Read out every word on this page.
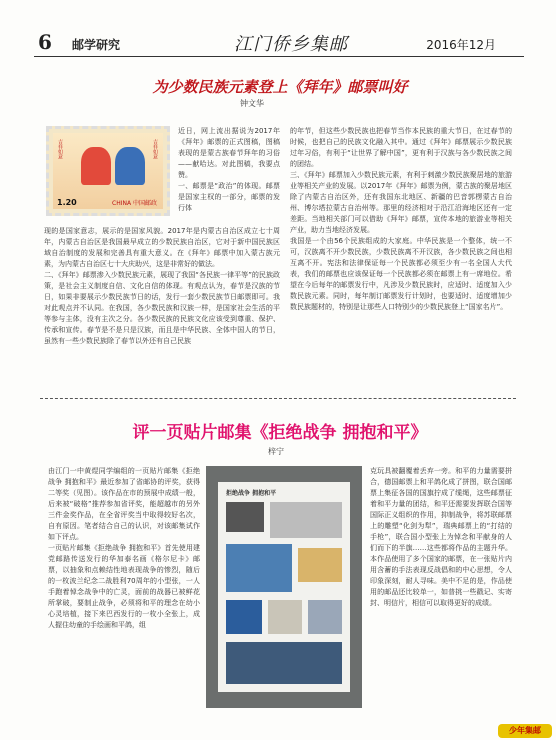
6 邮学研究	江门侨乡集邮	2016年12月
为少数民族元素登上《拜年》邮票叫好
钟文华
吉祥如意	吉祥如意
1.20	CHINA 中国邮政
近日，网上流出据说为2017年《拜年》邮票的正式图稿，图稿表现的是蒙古族春节拜年的习俗——献哈达。对此图稿，我要点赞。
一、邮票是“政治”的体现。邮票是国家主权的一部分，邮票的发行体
现的是国家意志，展示的是国家风貌。2017年是内蒙古自治区成立七十周年，内蒙古自治区是我国最早成立的少数民族自治区，它对于新中国民族区域自治制度的发展和完善具有重大意义。在《拜年》邮票中加入蒙古族元素，为内蒙古自治区七十大庆助兴，这是非常好的做法。
二、《拜年》邮票渗入少数民族元素，展现了我国“各民族一律平等”的民族政策，是社会主义制度自信、文化自信的体现。有观点认为，春节是汉族的节日，如果非要展示少数民族节日的话，发行一套少数民族节日邮票即可。我对此观点并不认同。在我国，各少数民族和汉族一样，是国家社会生活的平等参与主体，没有主次之分。各少数民族的民族文化应该受到尊重、保护、传承和宣传。春节是不是只是汉族，而且是中华民族、全体中国人的节日，虽然有一些少数民族除了春节以外还有自己民族
的年节，但这些少数民族也把春节当作本民族的重大节日，在过春节的时候，也把自己的民族文化融入其中。通过《拜年》邮票展示少数民族过年习俗，有利于“让世界了解中国”，更有利于汉族与各少数民族之间的团结。
三、《拜年》邮票加入少数民族元素，有利于刺激少数民族聚居地的旅游业等相关产业的发展。以2017年《拜年》邮票为例，蒙古族的聚居地区除了内蒙古自治区外，还有我国东北地区、新疆的巴音郭楞蒙古自治州、博尔塔拉蒙古自治州等。那里的经济相对于沿江沿海地区还有一定差距。当地相关部门可以借助《拜年》邮票，宣传本地的旅游业等相关产业，助力当地经济发展。
我国是一个由56个民族组成的大家庭。中华民族是一个整体，统一不可，汉族离不开少数民族，少数民族离不开汉族，各少数民族之间也相互离不开。宪法和法律保证每一个民族都必须至少有一名全国人大代表，我们的邮票也应该保证每一个民族都必须在邮票上有一席地位。希望在今后每年的邮票发行中，凡涉及少数民族时，应适时、适度加入少数民族元素。同时，每年制订邮票发行计划时，也要适时、适度增加少数民族题材的，特别是让那些人口特别少的少数民族登上“国家名片”。
评一页贴片邮集《拒绝战争 拥抱和平》
梓宁
由江门一中黄煜同学编组的一页贴片邮集《拒绝战争 拥抱和平》最近参加了省邮协的评奖，获得二等奖（见图）。该作品在市的预展中成绩一般，后来被“破格”推荐参加省评奖，能超越市的另外三件金奖作品，在全省评奖当中取得较好名次，自有原因。笔者结合自己的认识，对该邮集试作如下评点。
一页贴片邮集《拒绝战争 拥抱和平》首先使用建党邮路传送发行的华加泰名画《格尔尼卡》邮票，以抽象和点赖结性地表现战争的惨烈，随后的一枚波兰纪念二战胜利70周年的小型张，一人手跑着悼念战争中的亡灵，面前的战器已被鲜花所掌破，要制止战争，必须将和平的理念在幼小心灵培植，接下来巴西发行的一枚小全张上，成人握住幼童的手绘画和平鸽，组
拒绝战争 拥抱和平
克玩具被翻覆着丢弃一旁。和平的力量需要拼合，德国邮票上和平鸽化成了拼图，联合国邮票上集征各国的国旗拧成了缆绳，这些邮票征着和平力量的团结，和平还需要发挥联合国等国际正义组织的作用，抑制战争，将苏联邮票上的雕塑“化剑为犁”，瑞典邮票上的“打结的手枪”，联合国小型张上为悼念和平献身的人们而下的半旗……这些都将作品的主题升华。本作品使用了多个国家的邮票，在一张贴片内用含蓄的手法表现反战倡和的中心思想，令人印象深刻，耐人寻味。美中不足的是，作品使用的邮品还比较单一，如普挑一些戳记、实寄封、明信片，相信可以取得更好的成绩。
少年集邮
